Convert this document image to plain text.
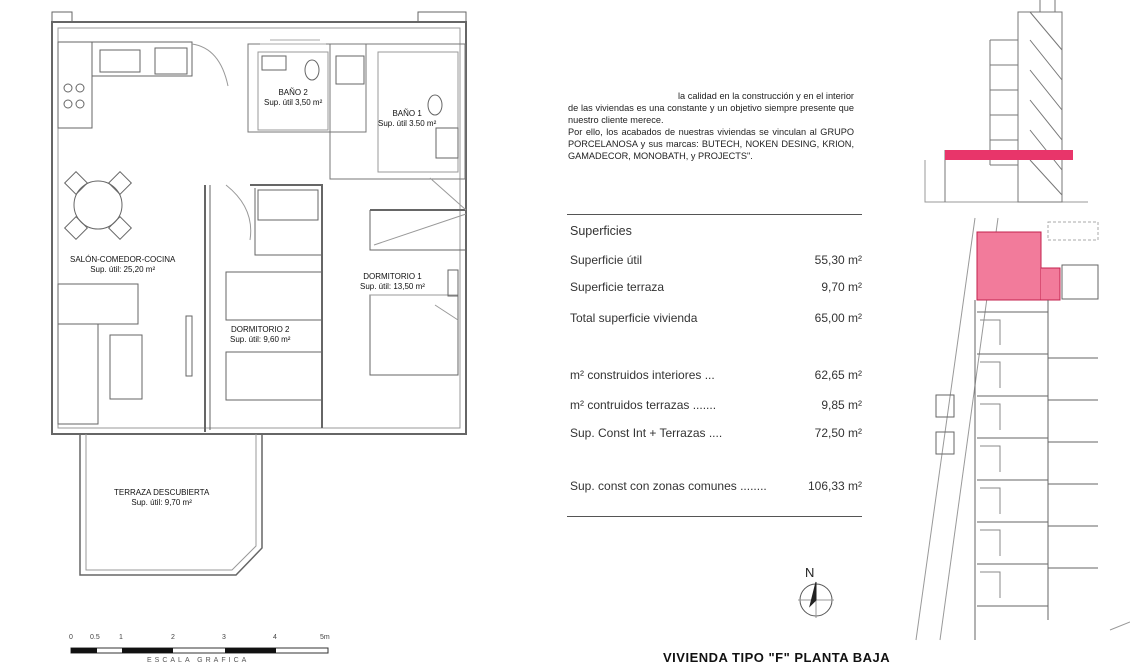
BAÑO 2
Sup. útil 3,50 m²
BAÑO 1
Sup. útil 3.50 m²
SALÓN-COMEDOR-COCINA
Sup. útil: 25,20 m²
DORMITORIO 1
Sup. útil: 13,50 m²
DORMITORIO 2
Sup. útil: 9,60 m²
TERRAZA DESCUBIERTA
Sup. útil: 9,70 m²

la calidad en la construcción y en el interior de las viviendas es una constante y un objetivo siempre presente que nuestro cliente merece.

Por ello, los acabados de nuestras viviendas se vinculan al GRUPO PORCELANOSA y sus marcas: BUTECH, NOKEN DESING, KRION, GAMADECOR, MONOBATH, y PROJECTS".

Superficies
Superficie útil	55,30 m²
Superficie terraza	9,70 m²
Total superficie vivienda	65,00 m²
m² construidos interiores ...	62,65 m²
m² contruidos terrazas .......	9,85 m²
Sup. Const Int + Terrazas ....	72,50 m²
Sup. const con zonas comunes ........	106,33 m²
0 0.5	1	2	3	4	5m
ESCALA GRAFICA
N
VIVIENDA TIPO "F" PLANTA BAJA
